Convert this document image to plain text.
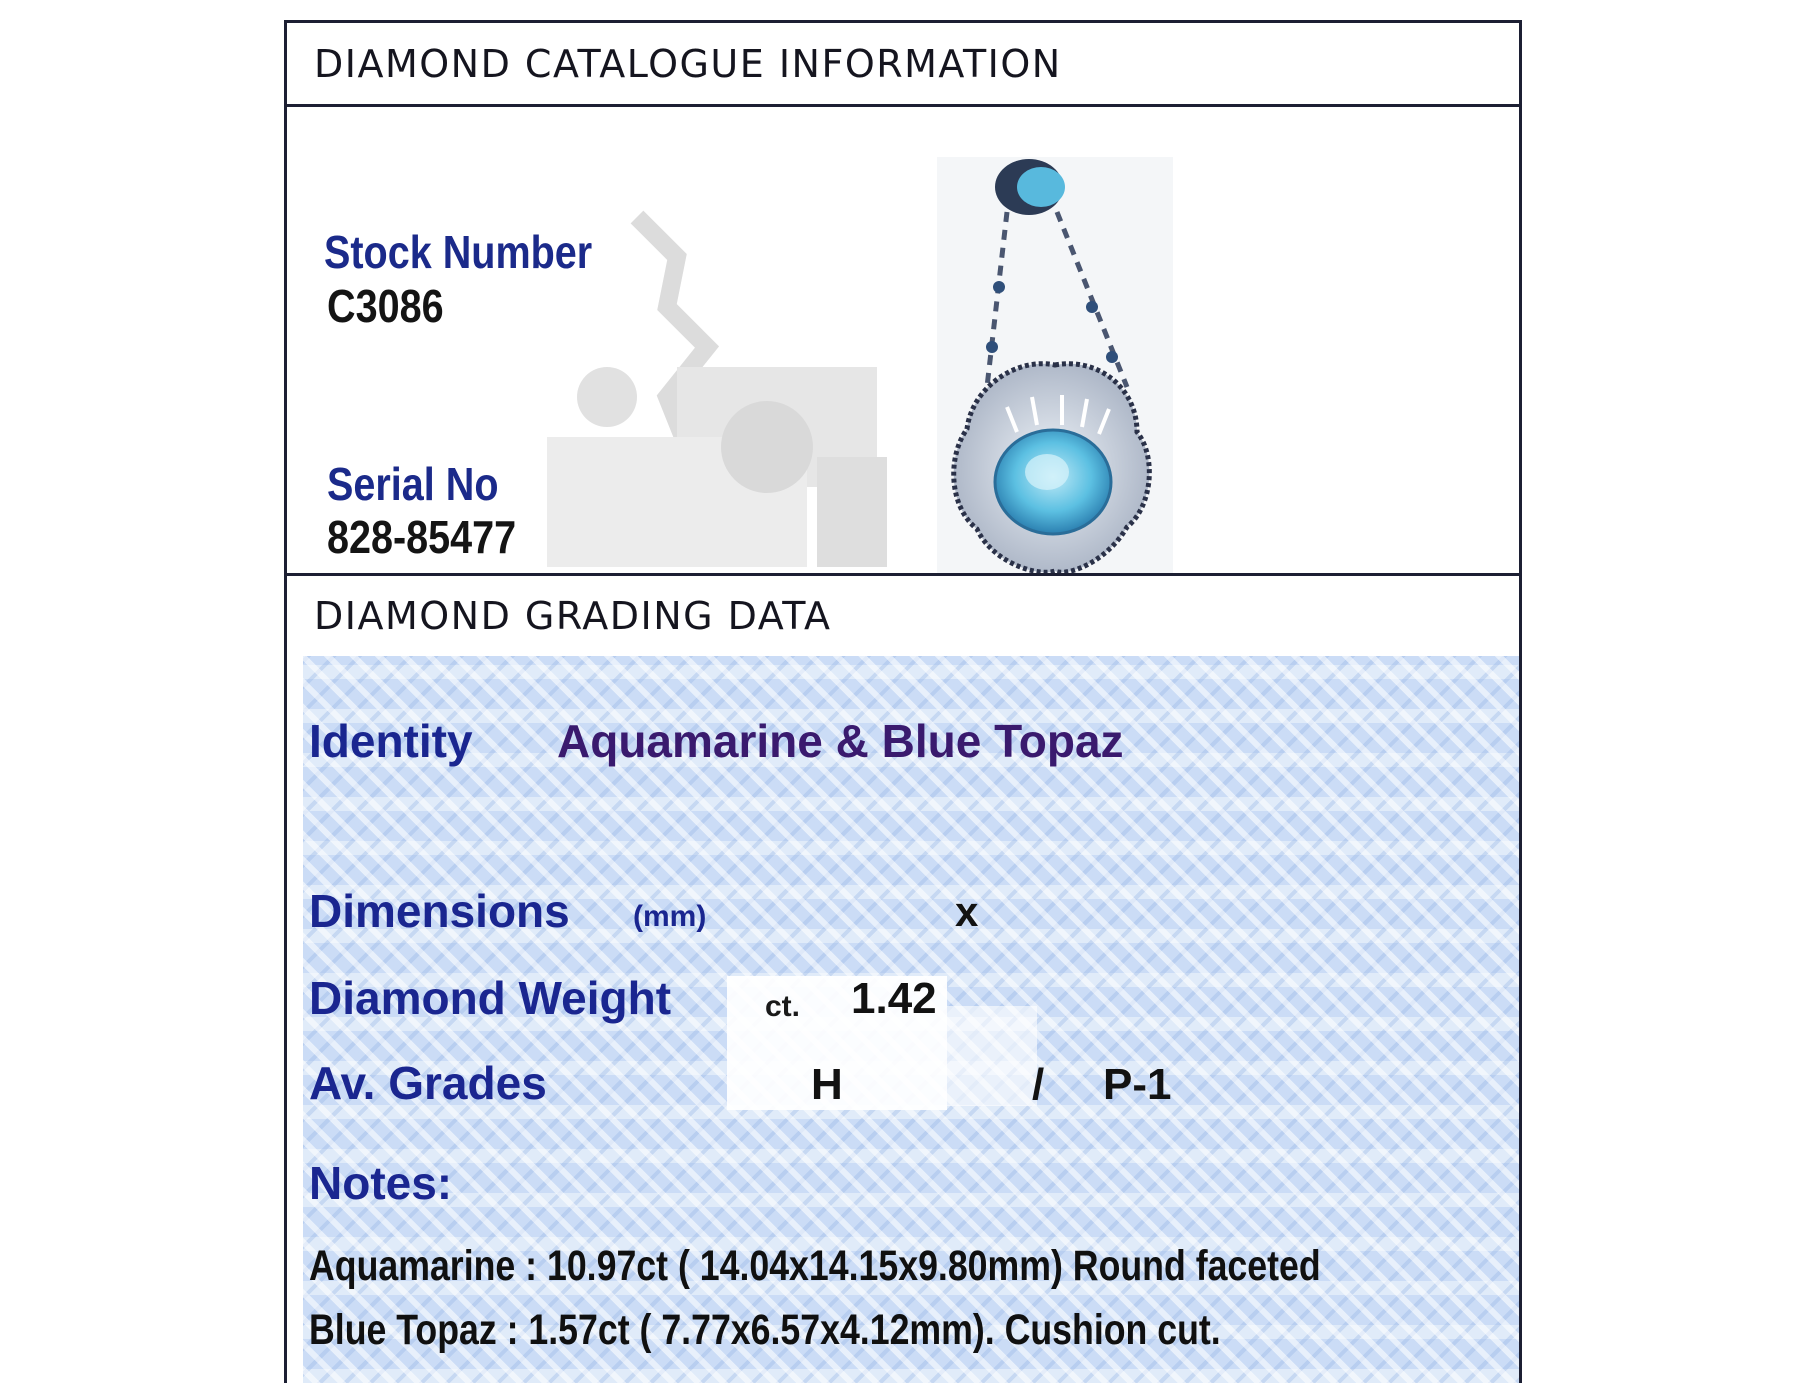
DIAMOND CATALOGUE INFORMATION
Stock Number
C3086
Serial No
828-85477
DIAMOND GRADING DATA
Identity Aquamarine & Blue Topaz
Dimensions (mm)	x
Diamond Weight	ct. 1.42
Av. Grades	H	/ P-1
Notes:
Aquamarine : 10.97ct ( 14.04x14.15x9.80mm) Round faceted
Blue Topaz : 1.57ct ( 7.77x6.57x4.12mm). Cushion cut.
